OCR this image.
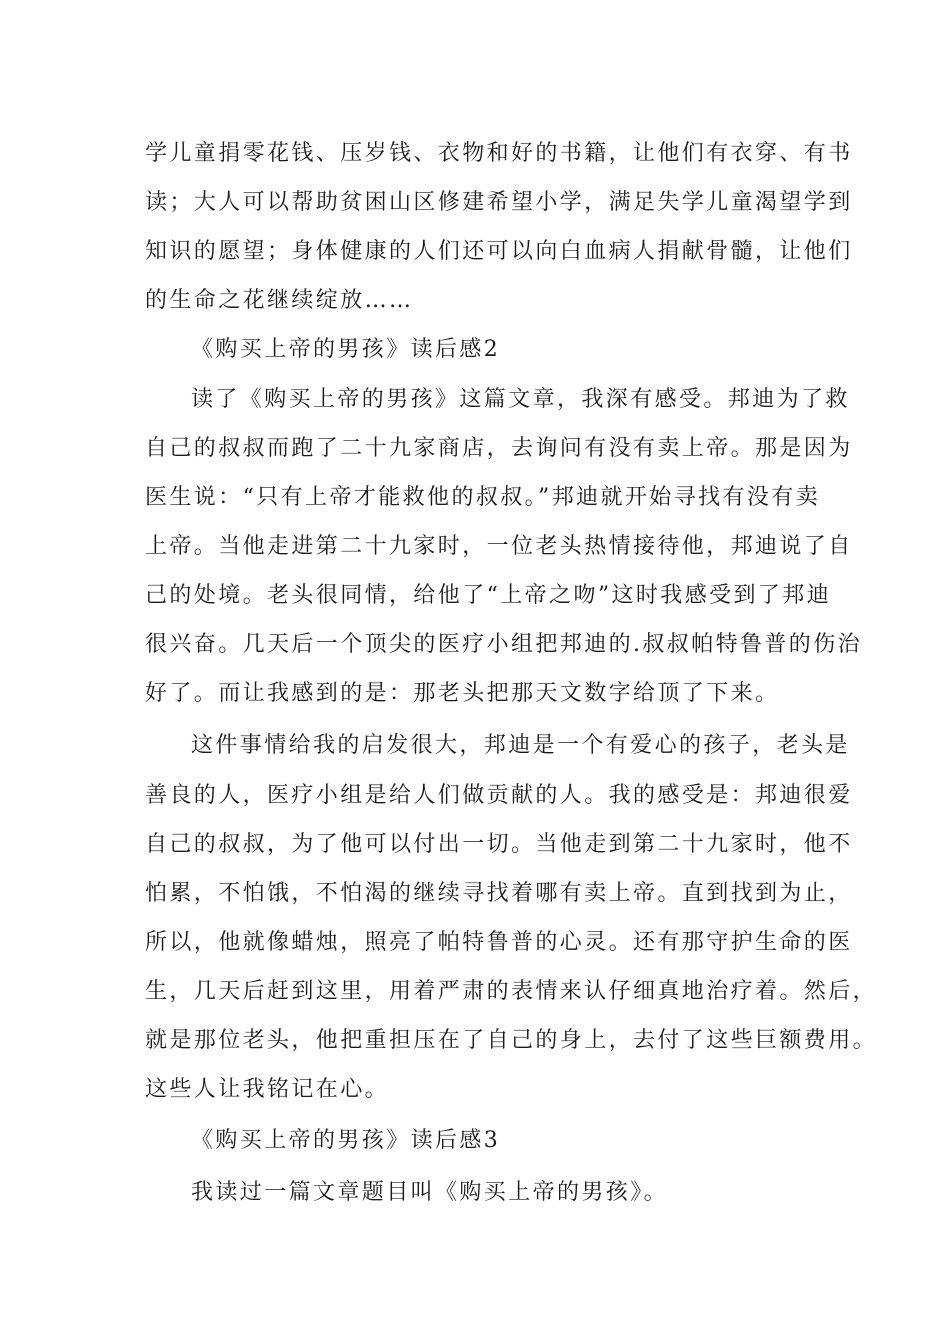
学儿童捐零花钱、压岁钱、衣物和好的书籍，让他们有衣穿、有书
读；大人可以帮助贫困山区修建希望小学，满足失学儿童渴望学到
知识的愿望；身体健康的人们还可以向白血病人捐献骨髓，让他们
的生命之花继续绽放……
《购买上帝的男孩》读后感2
读了《购买上帝的男孩》这篇文章，我深有感受。邦迪为了救
自己的叔叔而跑了二十九家商店，去询问有没有卖上帝。那是因为
医生说：“只有上帝才能救他的叔叔。”邦迪就开始寻找有没有卖
上帝。当他走进第二十九家时，一位老头热情接待他，邦迪说了自
己的处境。老头很同情，给他了“上帝之吻”这时我感受到了邦迪
很兴奋。几天后一个顶尖的医疗小组把邦迪的.叔叔帕特鲁普的伤治
好了。而让我感到的是：那老头把那天文数字给顶了下来。
这件事情给我的启发很大，邦迪是一个有爱心的孩子，老头是
善良的人，医疗小组是给人们做贡献的人。我的感受是：邦迪很爱
自己的叔叔，为了他可以付出一切。当他走到第二十九家时，他不
怕累，不怕饿，不怕渴的继续寻找着哪有卖上帝。直到找到为止，
所以，他就像蜡烛，照亮了帕特鲁普的心灵。还有那守护生命的医
生，几天后赶到这里，用着严肃的表情来认仔细真地治疗着。然后，
就是那位老头，他把重担压在了自己的身上，去付了这些巨额费用。
这些人让我铭记在心。
《购买上帝的男孩》读后感3
我读过一篇文章题目叫《购买上帝的男孩》。
